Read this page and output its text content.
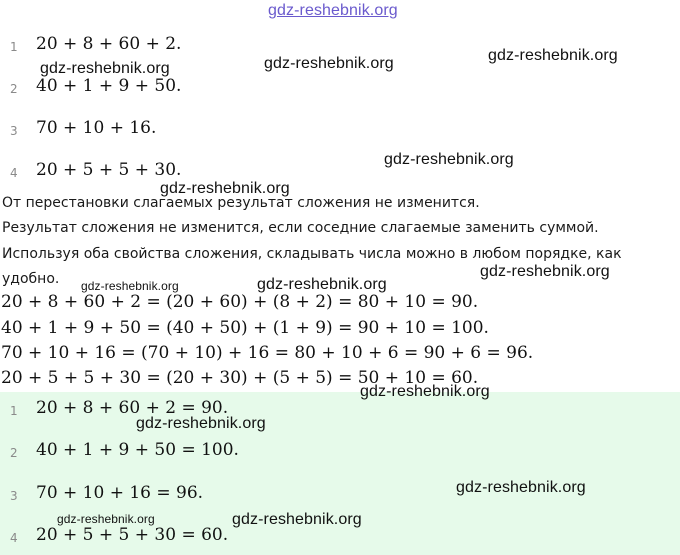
gdz-reshebnik.org
1	20 + 8 + 60 + 2.
2	40 + 1 + 9 + 50.
3	70 + 10 + 16.
4	20 + 5 + 5 + 30.
От перестановки слагаемых результат сложения не изменится.
Результат сложения не изменится, если соседние слагаемые заменить суммой.
Используя оба свойства сложения, складывать числа можно в любом порядке, как
удобно.
20 + 8 + 60 + 2 = (20 + 60) + (8 + 2) = 80 + 10 = 90.
40 + 1 + 9 + 50 = (40 + 50) + (1 + 9) = 90 + 10 = 100.
70 + 10 + 16 = (70 + 10) + 16 = 80 + 10 + 6 = 90 + 6 = 96.
20 + 5 + 5 + 30 = (20 + 30) + (5 + 5) = 50 + 10 = 60.
1	20 + 8 + 60 + 2 = 90.
2	40 + 1 + 9 + 50 = 100.
3	70 + 10 + 16 = 96.
4	20 + 5 + 5 + 30 = 60.
gdz-reshebnik.org	gdz-reshebnik.org	gdz-reshebnik.org
gdz-reshebnik.org
gdz-reshebnik.org
gdz-reshebnik.org	gdz-reshebnik.org
gdz-reshebnik.org
gdz-reshebnik.org
gdz-reshebnik.org
gdz-reshebnik.org
gdz-reshebnik.org	gdz-reshebnik.org
